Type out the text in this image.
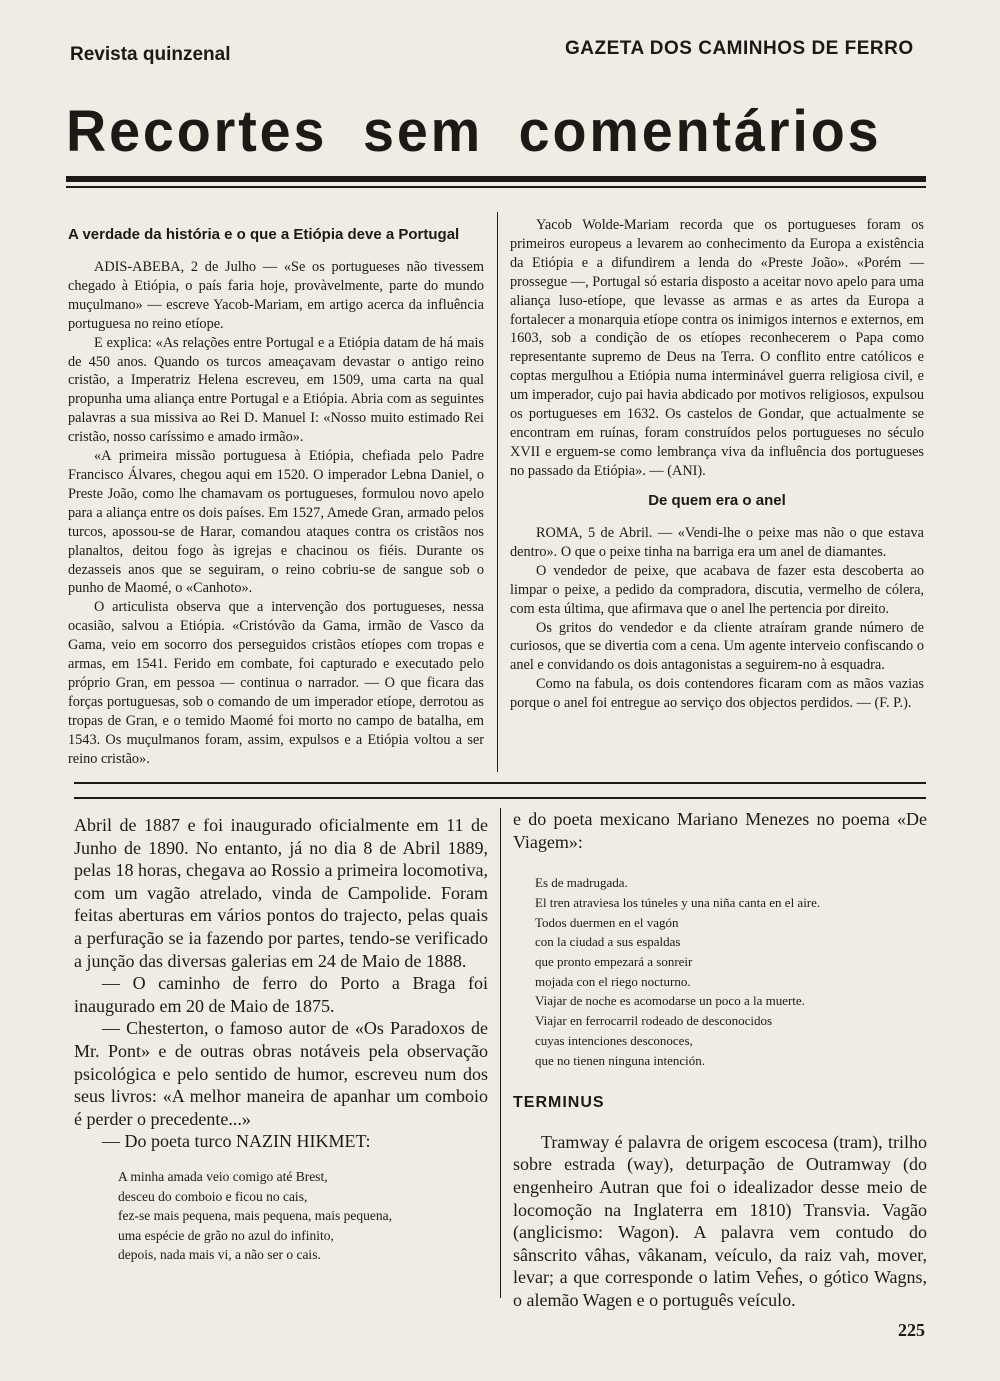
Revista quinzenal	GAZETA DOS CAMINHOS DE FERRO
Recortes sem comentários
A verdade da história e o que a Etiópia deve a Portugal

ADIS-ABEBA, 2 de Julho — «Se os portugueses não tivessem chegado à Etiópia, o país faria hoje, provàvelmente, parte do mundo muçulmano» — escreve Yacob-Mariam, em artigo acerca da influência portuguesa no reino etíope.

E explica: «As relações entre Portugal e a Etiópia datam de há mais de 450 anos. Quando os turcos ameaçavam devastar o antigo reino cristão, a Imperatriz Helena escreveu, em 1509, uma carta na qual propunha uma aliança entre Portugal e a Etiópia. Abria com as seguintes palavras a sua missiva ao Rei D. Manuel I: «Nosso muito estimado Rei cristão, nosso caríssimo e amado irmão».

«A primeira missão portuguesa à Etiópia, chefiada pelo Padre Francisco Álvares, chegou aqui em 1520. O imperador Lebna Daniel, o Preste João, como lhe chamavam os portugueses, formulou novo apelo para a aliança entre os dois países. Em 1527, Amede Gran, armado pelos turcos, apossou-se de Harar, comandou ataques contra os cristãos nos planaltos, deitou fogo às igrejas e chacinou os fiéis. Durante os dezasseis anos que se seguiram, o reino cobriu-se de sangue sob o punho de Maomé, o «Canhoto».

O articulista observa que a intervenção dos portugueses, nessa ocasião, salvou a Etiópia. «Cristóvão da Gama, irmão de Vasco da Gama, veio em socorro dos perseguidos cristãos etíopes com tropas e armas, em 1541. Ferido em combate, foi capturado e executado pelo próprio Gran, em pessoa — continua o narrador. — O que ficara das forças portuguesas, sob o comando de um imperador etíope, derrotou as tropas de Gran, e o temido Maomé foi morto no campo de batalha, em 1543. Os muçulmanos foram, assim, expulsos e a Etiópia voltou a ser reino cristão».

Yacob Wolde-Mariam recorda que os portugueses foram os primeiros europeus a levarem ao conhecimento da Europa a existência da Etiópia e a difundirem a lenda do «Preste João». «Porém — prossegue —, Portugal só estaria disposto a aceitar novo apelo para uma aliança luso-etíope, que levasse as armas e as artes da Europa a fortalecer a monarquia etíope contra os inimigos internos e externos, em 1603, sob a condição de os etíopes reconhecerem o Papa como representante supremo de Deus na Terra. O conflito entre católicos e coptas mergulhou a Etiópia numa interminável guerra religiosa civil, e um imperador, cujo pai havia abdicado por motivos religiosos, expulsou os portugueses em 1632. Os castelos de Gondar, que actualmente se encontram em ruínas, foram construídos pelos portugueses no século XVII e erguem-se como lembrança viva da influência dos portugueses no passado da Etiópia». — (ANI).

De quem era o anel

ROMA, 5 de Abril. — «Vendi-lhe o peixe mas não o que estava dentro». O que o peixe tinha na barriga era um anel de diamantes.

O vendedor de peixe, que acabava de fazer esta descoberta ao limpar o peixe, a pedido da compradora, discutia, vermelho de cólera, com esta última, que afirmava que o anel lhe pertencia por direito.

Os gritos do vendedor e da cliente atraíram grande número de curiosos, que se divertia com a cena. Um agente interveio confiscando o anel e convidando os dois antagonistas a seguirem-no à esquadra.

Como na fabula, os dois contendores ficaram com as mãos vazias porque o anel foi entregue ao serviço dos objectos perdidos. — (F. P.).

Abril de 1887 e foi inaugurado oficialmente em 11 de Junho de 1890. No entanto, já no dia 8 de Abril 1889, pelas 18 horas, chegava ao Rossio a primeira locomotiva, com um vagão atrelado, vinda de Campolide. Foram feitas aberturas em vários pontos do trajecto, pelas quais a perfuração se ia fazendo por partes, tendo-se verificado a junção das diversas galerias em 24 de Maio de 1888.

— O caminho de ferro do Porto a Braga foi inaugurado em 20 de Maio de 1875.

— Chesterton, o famoso autor de «Os Paradoxos de Mr. Pont» e de outras obras notáveis pela observação psicológica e pelo sentido de humor, escreveu num dos seus livros: «A melhor maneira de apanhar um comboio é perder o precedente...»

— Do poeta turco NAZIN HIKMET:

A minha amada veio comigo até Brest,
desceu do comboio e ficou no cais,
fez-se mais pequena, mais pequena, mais pequena,
uma espécie de grão no azul do infinito,
depois, nada mais vi, a não ser o cais.

e do poeta mexicano Mariano Menezes no poema «De Viagem»:

Es de madrugada.
El tren atraviesa los túneles y una niña canta en el aire.
Todos duermen en el vagón
con la ciudad a sus espaldas
que pronto empezará a sonreir
mojada con el riego nocturno.
Viajar de noche es acomodarse un poco a la muerte.
Viajar en ferrocarril rodeado de desconocidos
cuyas intenciones desconoces,
que no tienen ninguna intención.
TERMINUS

Tramway é palavra de origem escocesa (tram), trilho sobre estrada (way), deturpação de Outramway (do engenheiro Autran que foi o idealizador desse meio de locomoção na Inglaterra em 1810) Transvia. Vagão (anglicismo: Wagon). A palavra vem contudo do sânscrito vâhas, vâkanam, veículo, da raiz vah, mover, levar; a que corresponde o latim Veĥes, o gótico Wagns, o alemão Wagen e o português veículo.

225
